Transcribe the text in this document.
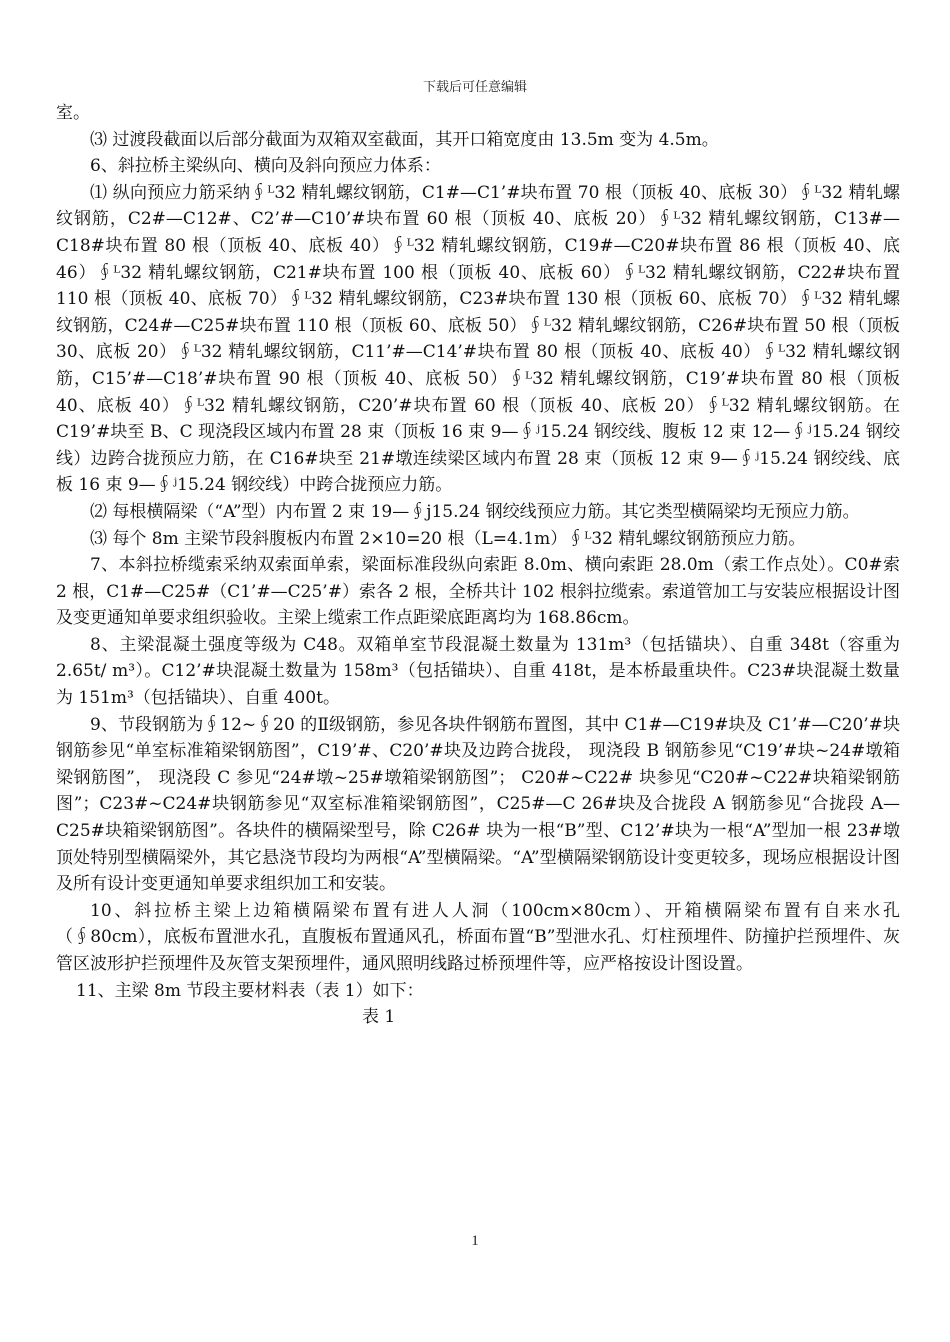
下载后可任意编辑

室。

⑶ 过渡段截面以后部分截面为双箱双室截面，其开口箱宽度由 13.5m 变为 4.5m。

6、斜拉桥主梁纵向、横向及斜向预应力体系：

⑴ 纵向预应力筋采纳∮ᴸ32 精轧螺纹钢筋，C1#—C1’#块布置 70 根（顶板 40、底板 30）∮ᴸ32 精轧螺纹钢筋，C2#—C12#、C2’#—C10’#块布置 60 根（顶板 40、底板 20）∮ᴸ32 精轧螺纹钢筋，C13#—C18#块布置 80 根（顶板 40、底板 40）∮ᴸ32 精轧螺纹钢筋，C19#—C20#块布置 86 根（顶板 40、底 46）∮ᴸ32 精轧螺纹钢筋，C21#块布置 100 根（顶板 40、底板 60）∮ᴸ32 精轧螺纹钢筋，C22#块布置 110 根（顶板 40、底板 70）∮ᴸ32 精轧螺纹钢筋，C23#块布置 130 根（顶板 60、底板 70）∮ᴸ32 精轧螺纹钢筋，C24#—C25#块布置 110 根（顶板 60、底板 50）∮ᴸ32 精轧螺纹钢筋，C26#块布置 50 根（顶板 30、底板 20）∮ᴸ32 精轧螺纹钢筋，C11’#—C14’#块布置 80 根（顶板 40、底板 40）∮ᴸ32 精轧螺纹钢筋，C15’#—C18’#块布置 90 根（顶板 40、底板 50）∮ᴸ32 精轧螺纹钢筋，C19’#块布置 80 根（顶板 40、底板 40）∮ᴸ32 精轧螺纹钢筋，C20’#块布置 60 根（顶板 40、底板 20）∮ᴸ32 精轧螺纹钢筋。在 C19’#块至 B、C 现浇段区域内布置 28 束（顶板 16 束 9—∮ʲ15.24 钢绞线、腹板 12 束 12—∮ʲ15.24 钢绞线）边跨合拢预应力筋，在 C16#块至 21#墩连续梁区域内布置 28 束（顶板 12 束 9—∮ʲ15.24 钢绞线、底板 16 束 9—∮ʲ15.24 钢绞线）中跨合拢预应力筋。

⑵ 每根横隔梁（“A”型）内布置 2 束 19—∮j15.24 钢绞线预应力筋。其它类型横隔梁均无预应力筋。

⑶ 每个 8m 主梁节段斜腹板内布置 2×10=20 根（L=4.1m）∮ᴸ32 精轧螺纹钢筋预应力筋。

7、本斜拉桥缆索采纳双索面单索，梁面标准段纵向索距 8.0m、横向索距 28.0m（索工作点处）。C0#索 2 根，C1#—C25#（C1’#—C25’#）索各 2 根，全桥共计 102 根斜拉缆索。索道管加工与安装应根据设计图及变更通知单要求组织验收。主梁上缆索工作点距梁底距离均为 168.86cm。

8、主梁混凝土强度等级为 C48。双箱单室节段混凝土数量为 131m³（包括锚块）、自重 348t（容重为 2.65t/ m³）。C12’#块混凝土数量为 158m³（包括锚块）、自重 418t，是本桥最重块件。C23#块混凝土数量为 151m³（包括锚块）、自重 400t。

9、节段钢筋为∮12~∮20 的Ⅱ级钢筋，参见各块件钢筋布置图，其中 C1#—C19#块及 C1’#—C20’#块钢筋参见“单室标准箱梁钢筋图”，C19’#、C20’#块及边跨合拢段， 现浇段 B 钢筋参见“C19’#块~24#墩箱梁钢筋图”， 现浇段 C 参见“24#墩~25#墩箱梁钢筋图”； C20#~C22# 块参见“C20#~C22#块箱梁钢筋图”；C23#~C24#块钢筋参见“双室标准箱梁钢筋图”，C25#—C 26#块及合拢段 A 钢筋参见“合拢段 A—C25#块箱梁钢筋图”。各块件的横隔梁型号，除 C26# 块为一根“B”型、C12’#块为一根“A”型加一根 23#墩顶处特别型横隔梁外，其它悬浇节段均为两根“A”型横隔梁。“A”型横隔梁钢筋设计变更较多，现场应根据设计图及所有设计变更通知单要求组织加工和安装。

10、斜拉桥主梁上边箱横隔梁布置有进人人洞（100cm×80cm）、开箱横隔梁布置有自来水孔（∮80cm），底板布置泄水孔，直腹板布置通风孔，桥面布置“B”型泄水孔、灯柱预埋件、防撞护拦预埋件、灰管区波形护拦预埋件及灰管支架预埋件，通风照明线路过桥预埋件等，应严格按设计图设置。

11、主梁 8m 节段主要材料表（表 1）如下：

表 1

1
